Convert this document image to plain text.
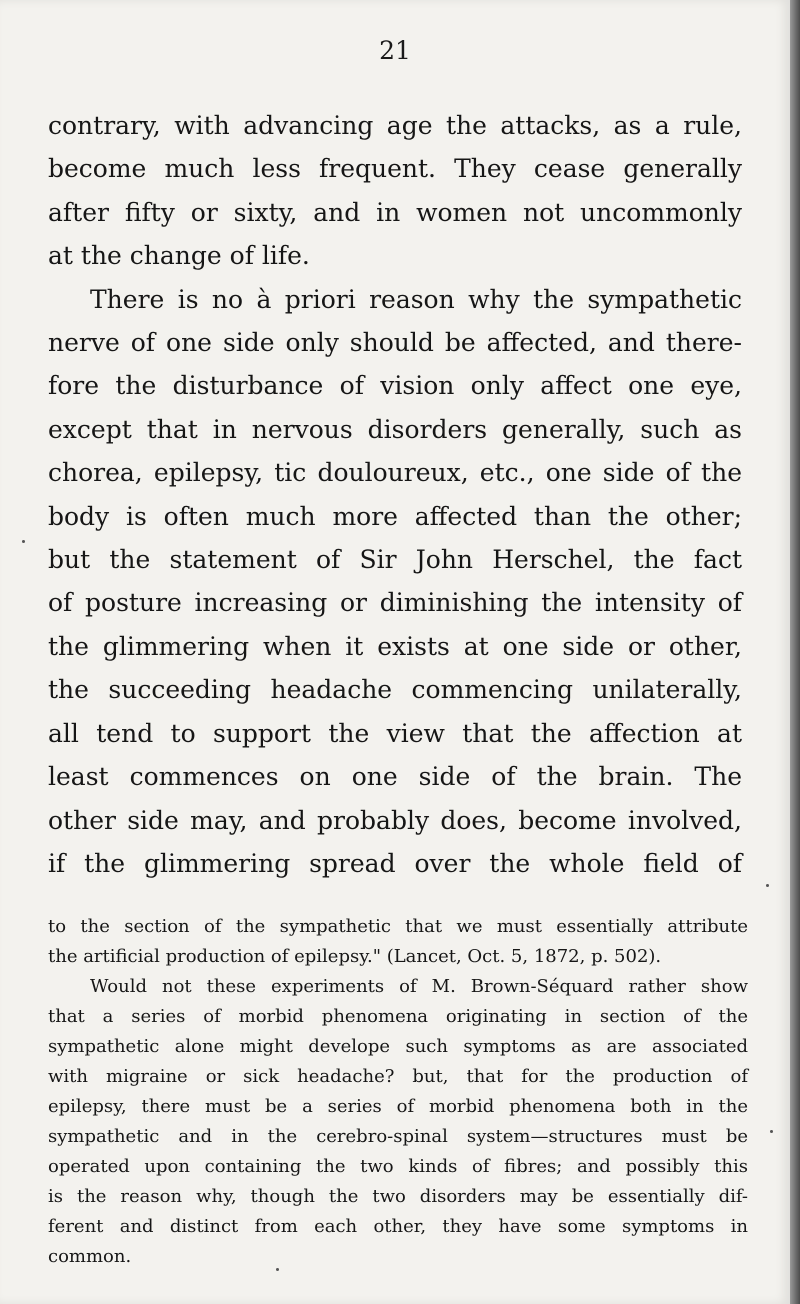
21
contrary, with advancing age the attacks, as a rule,
become much less frequent. They cease generally
after fifty or sixty, and in women not uncommonly
at the change of life.
There is no à priori reason why the sympathetic
nerve of one side only should be affected, and there-
fore the disturbance of vision only affect one eye,
except that in nervous disorders generally, such as
chorea, epilepsy, tic douloureux, etc., one side of the
body is often much more affected than the other;
but the statement of Sir John Herschel, the fact
of posture increasing or diminishing the intensity of
the glimmering when it exists at one side or other,
the succeeding headache commencing unilaterally,
all tend to support the view that the affection at
least commences on one side of the brain. The
other side may, and probably does, become involved,
if the glimmering spread over the whole field of
to the section of the sympathetic that we must essentially attribute
the artificial production of epilepsy." (Lancet, Oct. 5, 1872, p. 502).
Would not these experiments of M. Brown-Séquard rather show
that a series of morbid phenomena originating in section of the
sympathetic alone might develope such symptoms as are associated
with migraine or sick headache? but, that for the production of
epilepsy, there must be a series of morbid phenomena both in the
sympathetic and in the cerebro-spinal system—structures must be
operated upon containing the two kinds of fibres; and possibly this
is the reason why, though the two disorders may be essentially dif-
ferent and distinct from each other, they have some symptoms in
common.
